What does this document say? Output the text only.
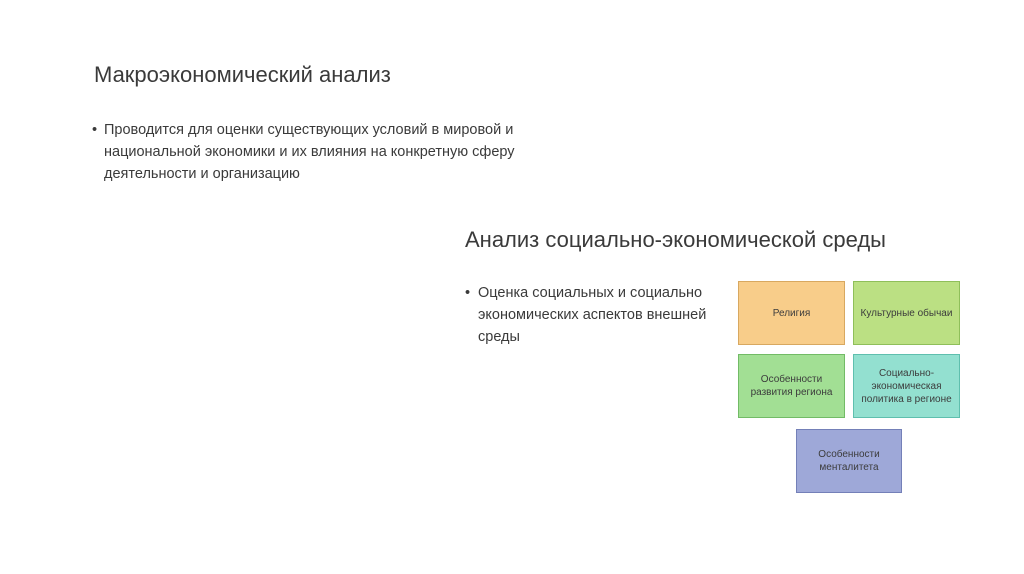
Макроэкономический анализ
• Проводится для оценки существующих условий в мировой и национальной экономики и их влияния на конкретную сферу деятельности и организацию
Анализ социально-экономической среды
• Оценка социальных и социально экономических аспектов внешней среды
Религия	Культурные обычаи
Особенности развития региона
Социально-экономическая политика в регионе
Особенности менталитета
